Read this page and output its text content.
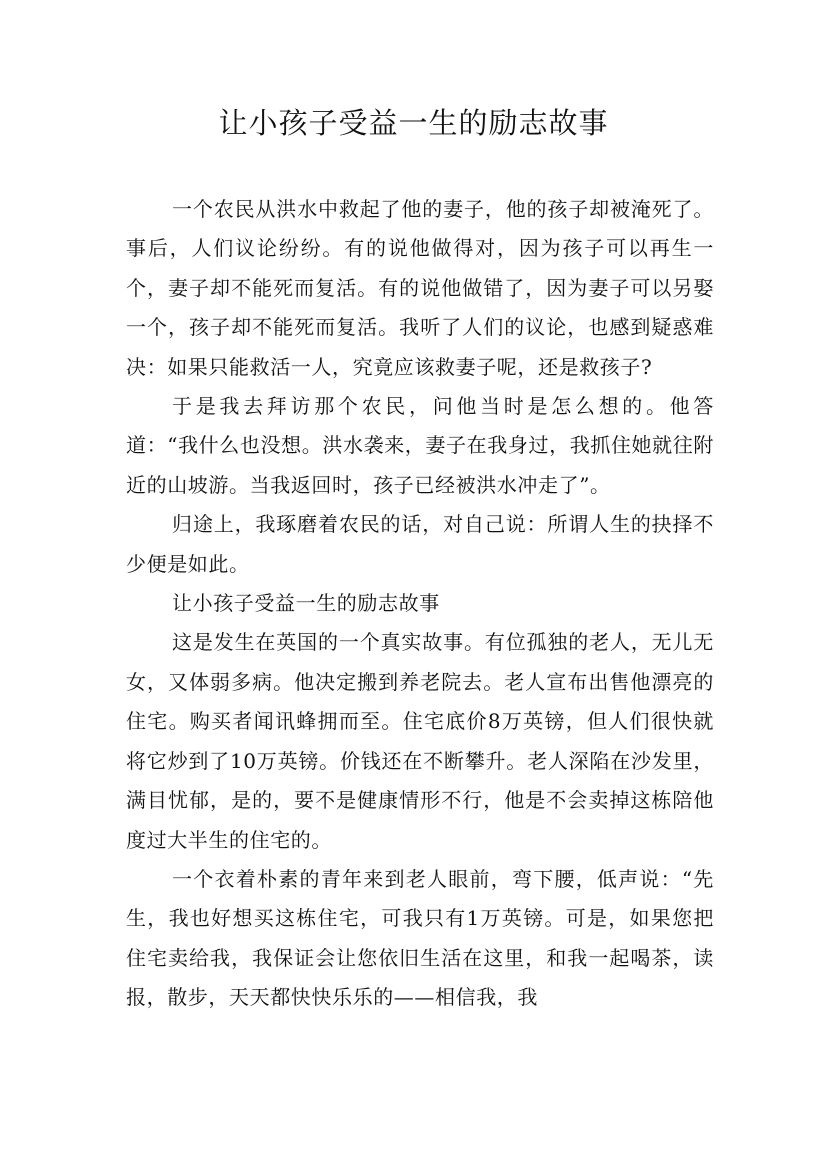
让小孩子受益一生的励志故事

一个农民从洪水中救起了他的妻子，他的孩子却被淹死了。事后，人们议论纷纷。有的说他做得对，因为孩子可以再生一个，妻子却不能死而复活。有的说他做错了，因为妻子可以另娶一个，孩子却不能死而复活。我听了人们的议论，也感到疑惑难决：如果只能救活一人，究竟应该救妻子呢，还是救孩子?

于是我去拜访那个农民，问他当时是怎么想的。他答道：“我什么也没想。洪水袭来，妻子在我身过，我抓住她就往附近的山坡游。当我返回时，孩子已经被洪水冲走了”。

归途上，我琢磨着农民的话，对自己说：所谓人生的抉择不少便是如此。

让小孩子受益一生的励志故事

这是发生在英国的一个真实故事。有位孤独的老人，无儿无女，又体弱多病。他决定搬到养老院去。老人宣布出售他漂亮的住宅。购买者闻讯蜂拥而至。住宅底价8万英镑，但人们很快就将它炒到了10万英镑。价钱还在不断攀升。老人深陷在沙发里，满目忧郁，是的，要不是健康情形不行，他是不会卖掉这栋陪他度过大半生的住宅的。

一个衣着朴素的青年来到老人眼前，弯下腰，低声说：“先生，我也好想买这栋住宅，可我只有1万英镑。可是，如果您把住宅卖给我，我保证会让您依旧生活在这里，和我一起喝茶，读报，散步，天天都快快乐乐的——相信我，我
